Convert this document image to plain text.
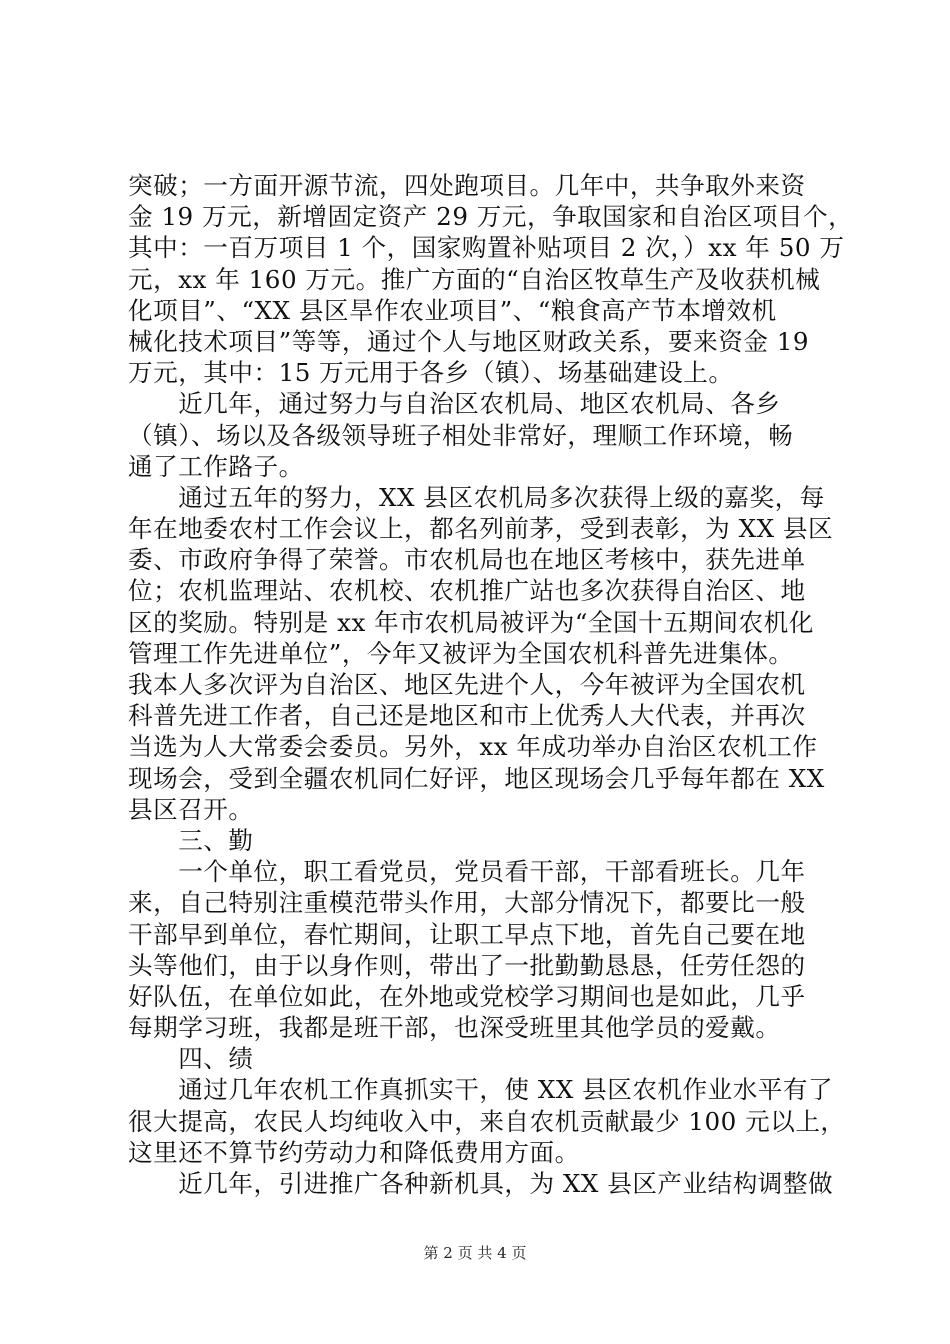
突破；一方面开源节流，四处跑项目。几年中，共争取外来资
金 19 万元，新增固定资产 29 万元，争取国家和自治区项目个，
其中：一百万项目 1 个，国家购置补贴项目 2 次，）xx 年 50 万
元，xx 年 160 万元。推广方面的“自治区牧草生产及收获机械
化项目”、“XX 县区旱作农业项目”、“粮食高产节本增效机
械化技术项目”等等，通过个人与地区财政关系，要来资金 19
万元，其中：15 万元用于各乡（镇）、场基础建设上。
　　近几年，通过努力与自治区农机局、地区农机局、各乡
（镇）、场以及各级领导班子相处非常好，理顺工作环境，畅
通了工作路子。
　　通过五年的努力，XX 县区农机局多次获得上级的嘉奖，每
年在地委农村工作会议上，都名列前茅，受到表彰，为 XX 县区
委、市政府争得了荣誉。市农机局也在地区考核中，获先进单
位；农机监理站、农机校、农机推广站也多次获得自治区、地
区的奖励。特别是 xx 年市农机局被评为“全国十五期间农机化
管理工作先进单位”，今年又被评为全国农机科普先进集体。
我本人多次评为自治区、地区先进个人，今年被评为全国农机
科普先进工作者，自己还是地区和市上优秀人大代表，并再次
当选为人大常委会委员。另外，xx 年成功举办自治区农机工作
现场会，受到全疆农机同仁好评，地区现场会几乎每年都在 XX
县区召开。
　　三、勤
　　一个单位，职工看党员，党员看干部，干部看班长。几年
来，自己特别注重模范带头作用，大部分情况下，都要比一般
干部早到单位，春忙期间，让职工早点下地，首先自己要在地
头等他们，由于以身作则，带出了一批勤勤恳恳，任劳任怨的
好队伍，在单位如此，在外地或党校学习期间也是如此，几乎
每期学习班，我都是班干部，也深受班里其他学员的爱戴。
　　四、绩
　　通过几年农机工作真抓实干，使 XX 县区农机作业水平有了
很大提高，农民人均纯收入中，来自农机贡献最少 100 元以上，
这里还不算节约劳动力和降低费用方面。
　　近几年，引进推广各种新机具，为 XX 县区产业结构调整做
第 2 页 共 4 页
